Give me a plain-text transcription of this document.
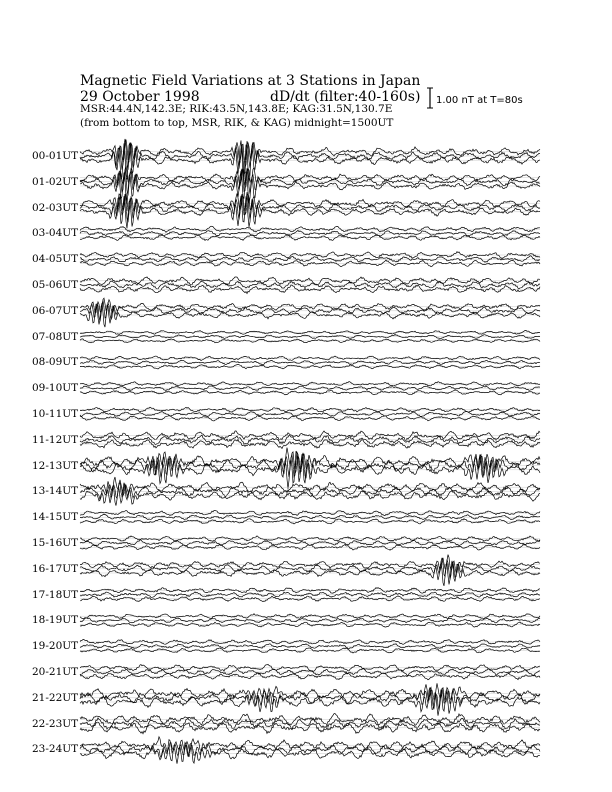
Magnetic Field Variations at 3 Stations in Japan
29 October 1998	dD/dt (filter:40-160s)
MSR:44.4N,142.3E; RIK:43.5N,143.8E; KAG:31.5N,130.7E
(from bottom to top, MSR, RIK, & KAG) midnight=1500UT
1.00 nT at T=80s
00-01UT
01-02UT
02-03UT
03-04UT
04-05UT
05-06UT
06-07UT
07-08UT
08-09UT
09-10UT
10-11UT
11-12UT
12-13UT
13-14UT
14-15UT
15-16UT
16-17UT
17-18UT
18-19UT
19-20UT
20-21UT
21-22UT
22-23UT
23-24UT
